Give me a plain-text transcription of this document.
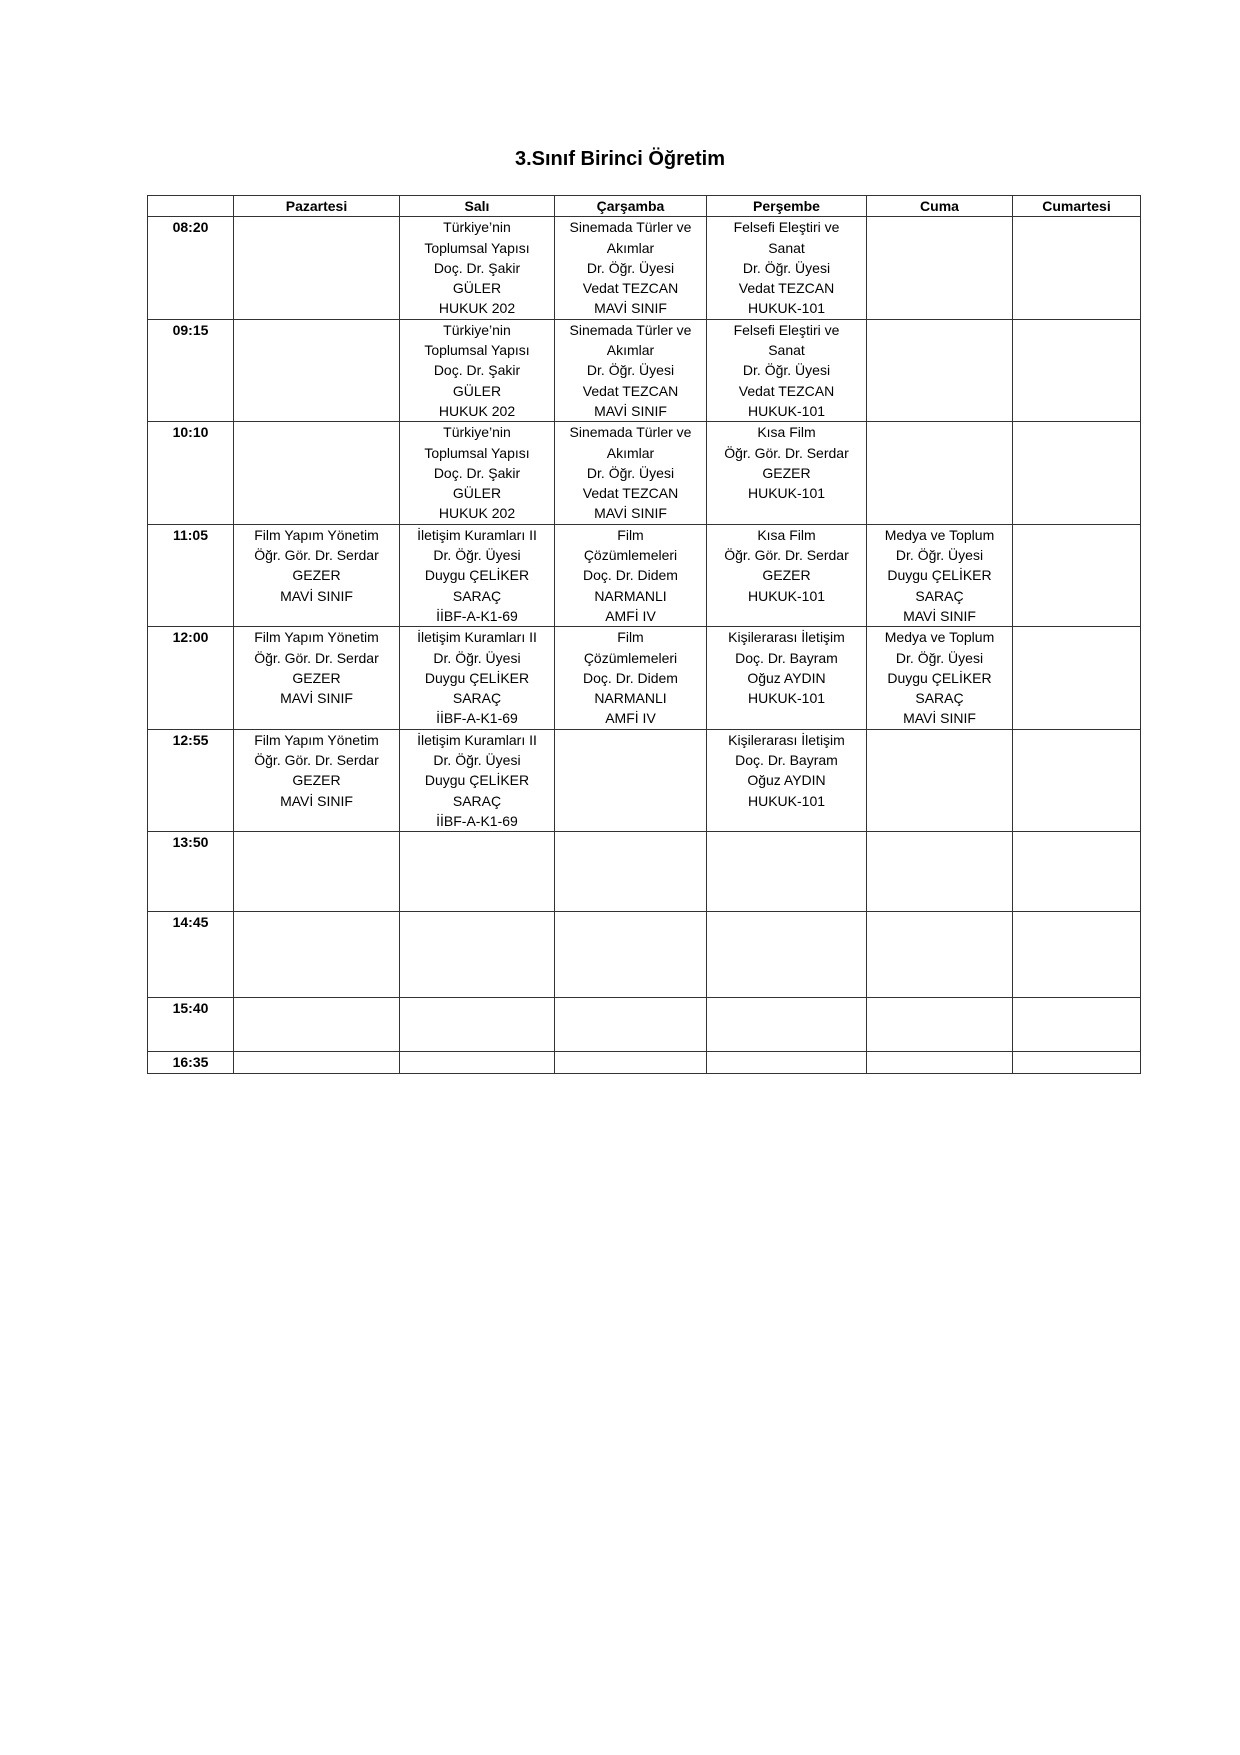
3.Sınıf Birinci Öğretim
	Pazartesi	Salı	Çarşamba	Perşembe	Cuma	Cumartesi
08:20		Türkiye’nin
Toplumsal Yapısı
Doç. Dr. Şakir
GÜLER
HUKUK 202	Sinemada Türler ve
Akımlar
Dr. Öğr. Üyesi
Vedat TEZCAN
MAVİ SINIF	Felsefi Eleştiri ve
Sanat
Dr. Öğr. Üyesi
Vedat TEZCAN
HUKUK-101		

09:15		Türkiye’nin
Toplumsal Yapısı
Doç. Dr. Şakir
GÜLER
HUKUK 202	Sinemada Türler ve
Akımlar
Dr. Öğr. Üyesi
Vedat TEZCAN
MAVİ SINIF	Felsefi Eleştiri ve
Sanat
Dr. Öğr. Üyesi
Vedat TEZCAN
HUKUK-101		

10:10		Türkiye’nin
Toplumsal Yapısı
Doç. Dr. Şakir
GÜLER
HUKUK 202	Sinemada Türler ve
Akımlar
Dr. Öğr. Üyesi
Vedat TEZCAN
MAVİ SINIF	Kısa Film
Öğr. Gör. Dr. Serdar
GEZER
HUKUK-101		

11:05	Film Yapım Yönetim
Öğr. Gör. Dr. Serdar
GEZER
MAVİ SINIF	İletişim Kuramları II
Dr. Öğr. Üyesi
Duygu ÇELİKER
SARAÇ
İİBF-A-K1-69	Film
Çözümlemeleri
Doç. Dr. Didem
NARMANLI
AMFİ IV	Kısa Film
Öğr. Gör. Dr. Serdar
GEZER
HUKUK-101	Medya ve Toplum
Dr. Öğr. Üyesi
Duygu ÇELİKER
SARAÇ
MAVİ SINIF	

12:00	Film Yapım Yönetim
Öğr. Gör. Dr. Serdar
GEZER
MAVİ SINIF	İletişim Kuramları II
Dr. Öğr. Üyesi
Duygu ÇELİKER
SARAÇ
İİBF-A-K1-69	Film
Çözümlemeleri
Doç. Dr. Didem
NARMANLI
AMFİ IV	Kişilerarası İletişim
Doç. Dr. Bayram
Oğuz AYDIN
HUKUK-101	Medya ve Toplum
Dr. Öğr. Üyesi
Duygu ÇELİKER
SARAÇ
MAVİ SINIF	

12:55	Film Yapım Yönetim
Öğr. Gör. Dr. Serdar
GEZER
MAVİ SINIF	İletişim Kuramları II
Dr. Öğr. Üyesi
Duygu ÇELİKER
SARAÇ
İİBF-A-K1-69		Kişilerarası İletişim
Doç. Dr. Bayram
Oğuz AYDIN
HUKUK-101		

13:50						
14:45						
15:40						
16:35						
